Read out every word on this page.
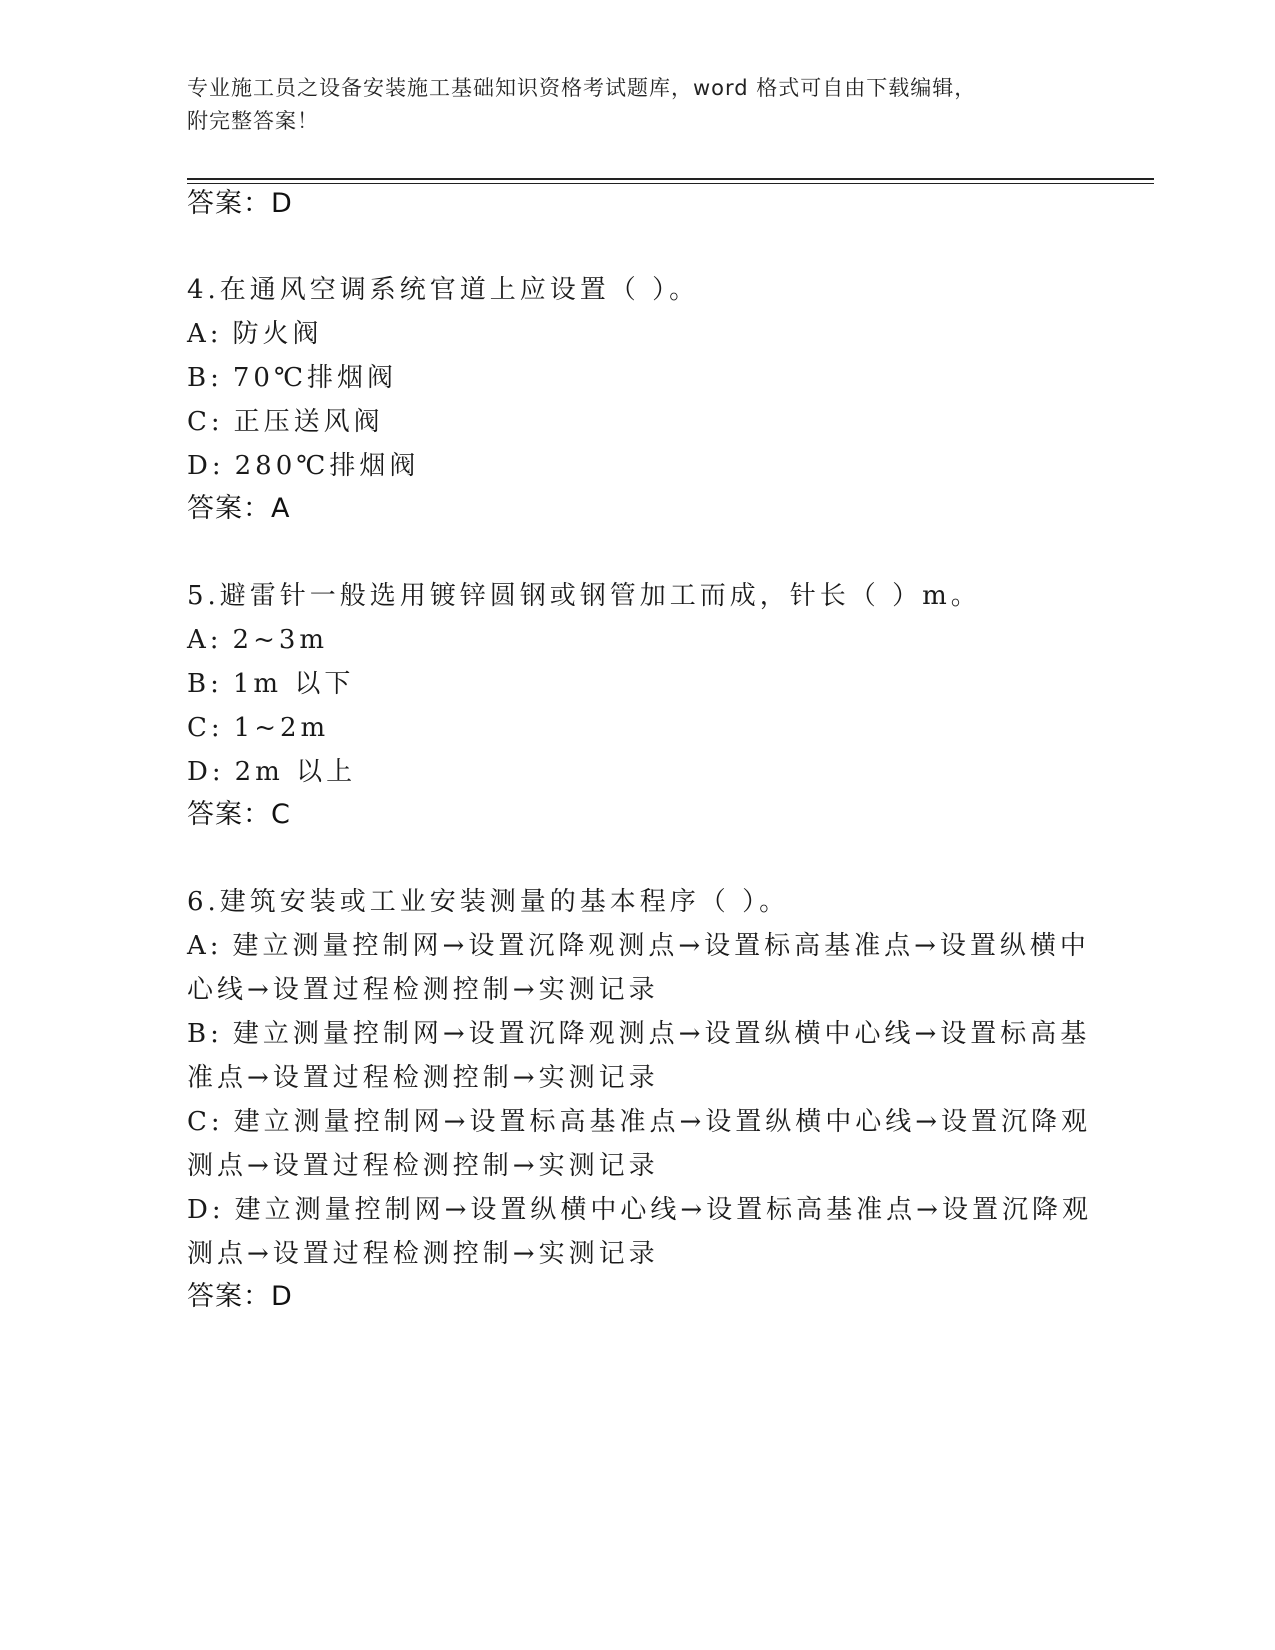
专业施工员之设备安装施工基础知识资格考试题库，word 格式可自由下载编辑，
附完整答案！
答案：D
4.在通风空调系统官道上应设置（ ）。
A: 防火阀
B: 70℃排烟阀
C: 正压送风阀
D: 280℃排烟阀
答案：A
5.避雷针一般选用镀锌圆钢或钢管加工而成，针长（ ）m。
A: 2~3m
B: 1m 以下
C: 1~2m
D: 2m 以上
答案：C
6.建筑安装或工业安装测量的基本程序（ ）。
A: 建立测量控制网→设置沉降观测点→设置标高基准点→设置纵横中
心线→设置过程检测控制→实测记录
B: 建立测量控制网→设置沉降观测点→设置纵横中心线→设置标高基
准点→设置过程检测控制→实测记录
C: 建立测量控制网→设置标高基准点→设置纵横中心线→设置沉降观
测点→设置过程检测控制→实测记录
D: 建立测量控制网→设置纵横中心线→设置标高基准点→设置沉降观
测点→设置过程检测控制→实测记录
答案：D
